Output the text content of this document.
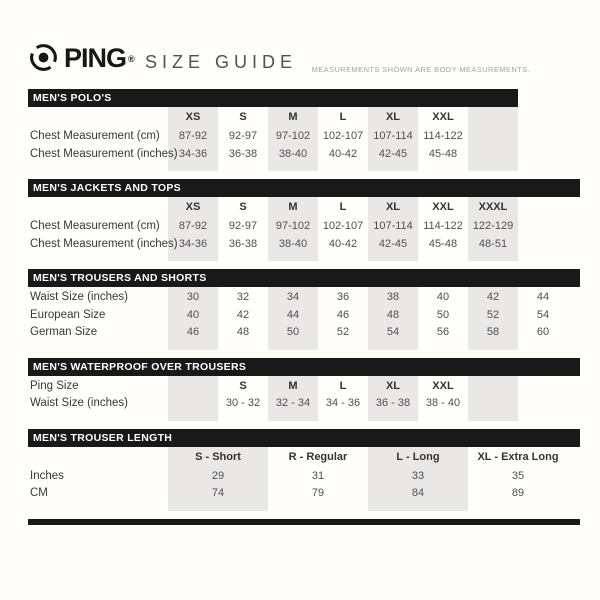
PING ® SIZE GUIDE MEASUREMENTS SHOWN ARE BODY MEASUREMENTS.
MEN'S POLO'S
XS	S	M	L	XL	XXL
Chest Measurement (cm)	87-92	92-97	97-102	102-107 107-114 114-122
Chest Measurement (inches) 34-36	36-38	38-40	40-42	42-45	45-48
MEN'S JACKETS AND TOPS
XS	S	M	L	XL	XXL	XXXL
Chest Measurement (cm)	87-92	92-97	97-102	102-107 107-114 114-122 122-129
Chest Measurement (inches) 34-36	36-38	38-40	40-42	42-45	45-48	48-51
MEN'S TROUSERS AND SHORTS
Waist Size (inches)	30	32	34	36	38	40	42	44
European Size	40	42	44	46	48	50	52	54
German Size	46	48	50	52	54	56	58	60
MEN'S WATERPROOF OVER TROUSERS
Ping Size	S	M	L	XL	XXL
Waist Size (inches)	30 - 32	32 - 34	34 - 36	36 - 38	38 - 40
MEN'S TROUSER LENGTH
S - Short	R - Regular	L - Long	XL - Extra Long
Inches	29	31	33	35
CM	74	79	84	89
